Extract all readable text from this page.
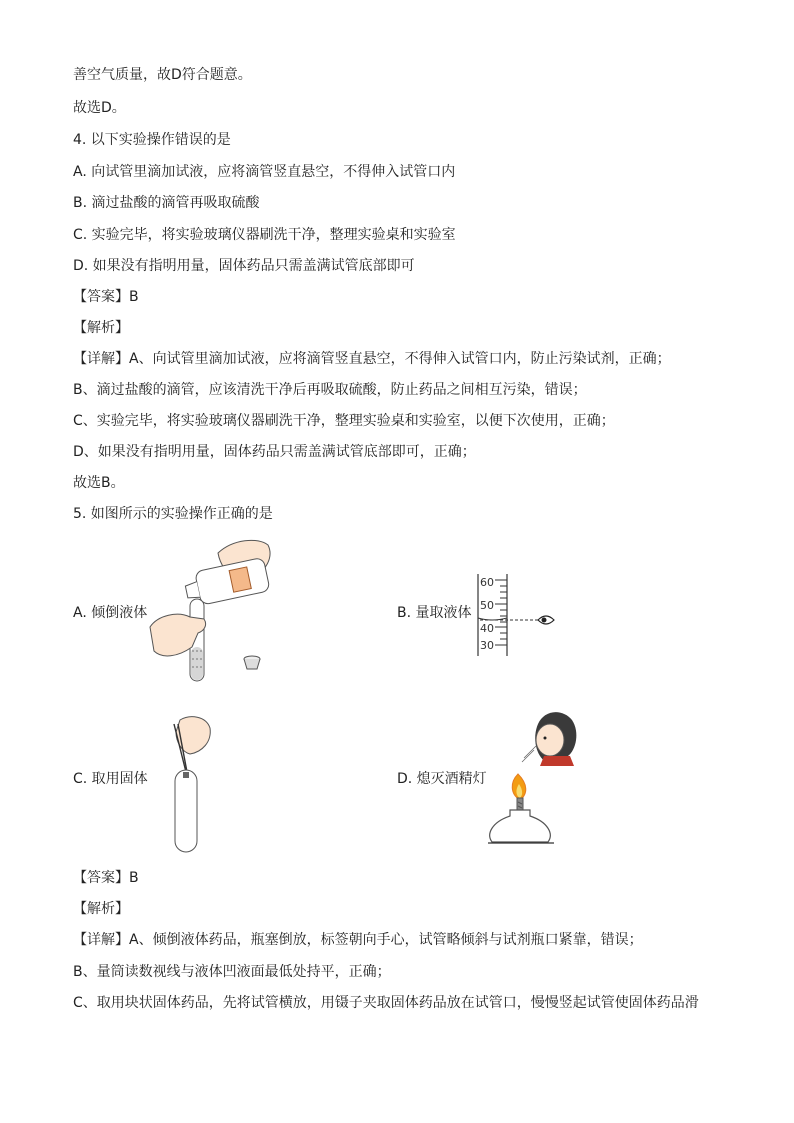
善空气质量，故D符合题意。
故选D。
4. 以下实验操作错误的是
A. 向试管里滴加试液，应将滴管竖直悬空，不得伸入试管口内
B. 滴过盐酸的滴管再吸取硫酸
C. 实验完毕，将实验玻璃仪器刷洗干净，整理实验桌和实验室
D. 如果没有指明用量，固体药品只需盖满试管底部即可
【答案】B
【解析】
【详解】A、向试管里滴加试液，应将滴管竖直悬空，不得伸入试管口内，防止污染试剂，正确；
B、滴过盐酸的滴管，应该清洗干净后再吸取硫酸，防止药品之间相互污染，错误；
C、实验完毕，将实验玻璃仪器刷洗干净，整理实验桌和实验室，以便下次使用，正确；
D、如果没有指明用量，固体药品只需盖满试管底部即可，正确；
故选B。
5. 如图所示的实验操作正确的是
A. 倾倒液体	B. 量取液体
C. 取用固体	D. 熄灭酒精灯
60
50
40
30
【答案】B
【解析】
【详解】A、倾倒液体药品，瓶塞倒放，标签朝向手心，试管略倾斜与试剂瓶口紧靠，错误；
B、量筒读数视线与液体凹液面最低处持平，正确；
C、取用块状固体药品，先将试管横放，用镊子夹取固体药品放在试管口，慢慢竖起试管使固体药品滑
